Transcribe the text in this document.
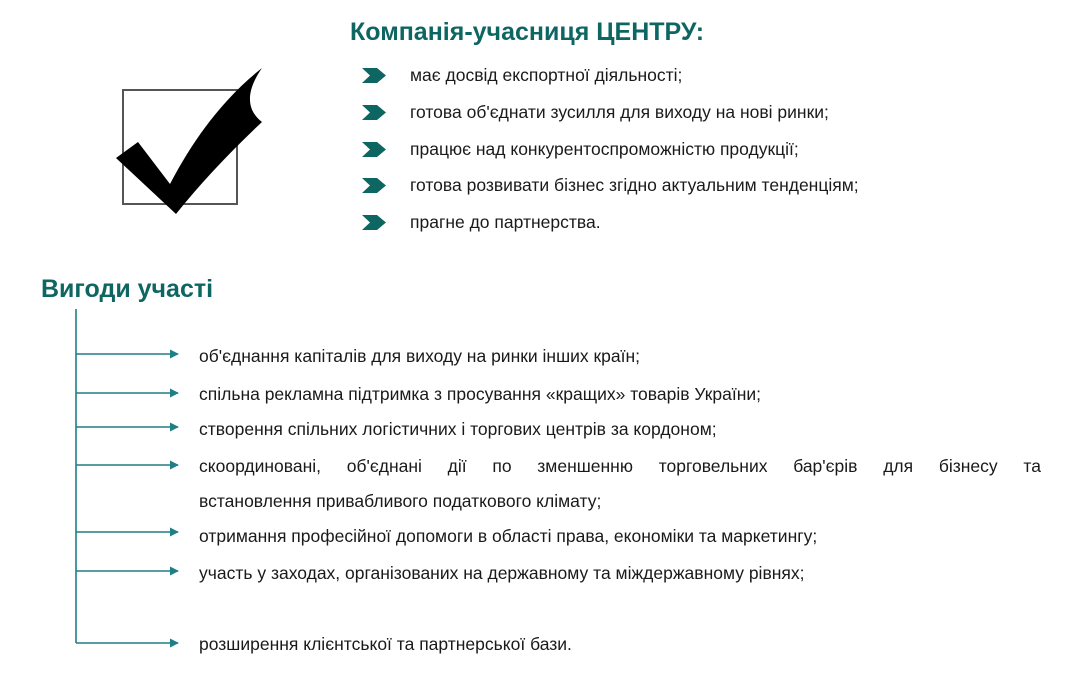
Компанія-учасниця ЦЕНТРУ:
має досвід експортної діяльності;
готова об'єднати зусилля для виходу на нові ринки;
працює над конкурентоспроможністю продукції;
готова розвивати бізнес згідно актуальним тенденціям;
прагне до партнерства.
Вигоди участі
об'єднання капіталів для виходу на ринки інших країн;
спільна рекламна підтримка з просування «кращих» товарів України;
створення спільних логістичних і торгових центрів за кордоном;
скоординовані, об'єднані дії по зменшенню торговельних бар'єрів для бізнесу та
встановлення привабливого податкового клімату;
отримання професійної допомоги в області права, економіки та маркетингу;
участь у заходах, організованих на державному та міждержавному рівнях;
розширення клієнтської та партнерської бази.
